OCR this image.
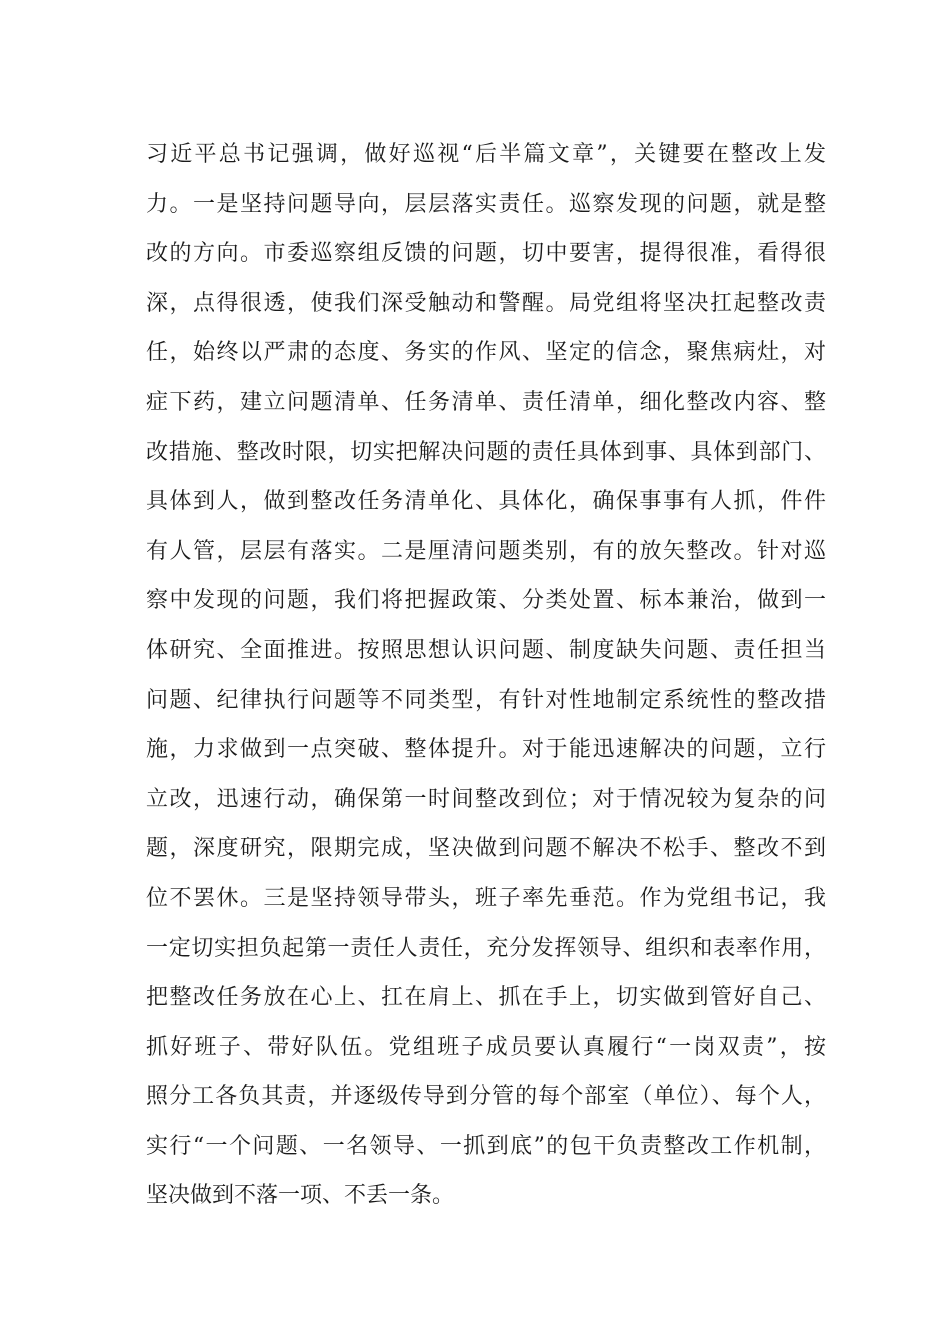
习近平总书记强调，做好巡视“后半篇文章”，关键要在整改上发
力。一是坚持问题导向，层层落实责任。巡察发现的问题，就是整
改的方向。市委巡察组反馈的问题，切中要害，提得很准，看得很
深，点得很透，使我们深受触动和警醒。局党组将坚决扛起整改责
任，始终以严肃的态度、务实的作风、坚定的信念，聚焦病灶，对
症下药，建立问题清单、任务清单、责任清单，细化整改内容、整
改措施、整改时限，切实把解决问题的责任具体到事、具体到部门、
具体到人，做到整改任务清单化、具体化，确保事事有人抓，件件
有人管，层层有落实。二是厘清问题类别，有的放矢整改。针对巡
察中发现的问题，我们将把握政策、分类处置、标本兼治，做到一
体研究、全面推进。按照思想认识问题、制度缺失问题、责任担当
问题、纪律执行问题等不同类型，有针对性地制定系统性的整改措
施，力求做到一点突破、整体提升。对于能迅速解决的问题，立行
立改，迅速行动，确保第一时间整改到位；对于情况较为复杂的问
题，深度研究，限期完成，坚决做到问题不解决不松手、整改不到
位不罢休。三是坚持领导带头，班子率先垂范。作为党组书记，我
一定切实担负起第一责任人责任，充分发挥领导、组织和表率作用，
把整改任务放在心上、扛在肩上、抓在手上，切实做到管好自己、
抓好班子、带好队伍。党组班子成员要认真履行“一岗双责”，按
照分工各负其责，并逐级传导到分管的每个部室（单位）、每个人，
实行“一个问题、一名领导、一抓到底”的包干负责整改工作机制，
坚决做到不落一项、不丢一条。
